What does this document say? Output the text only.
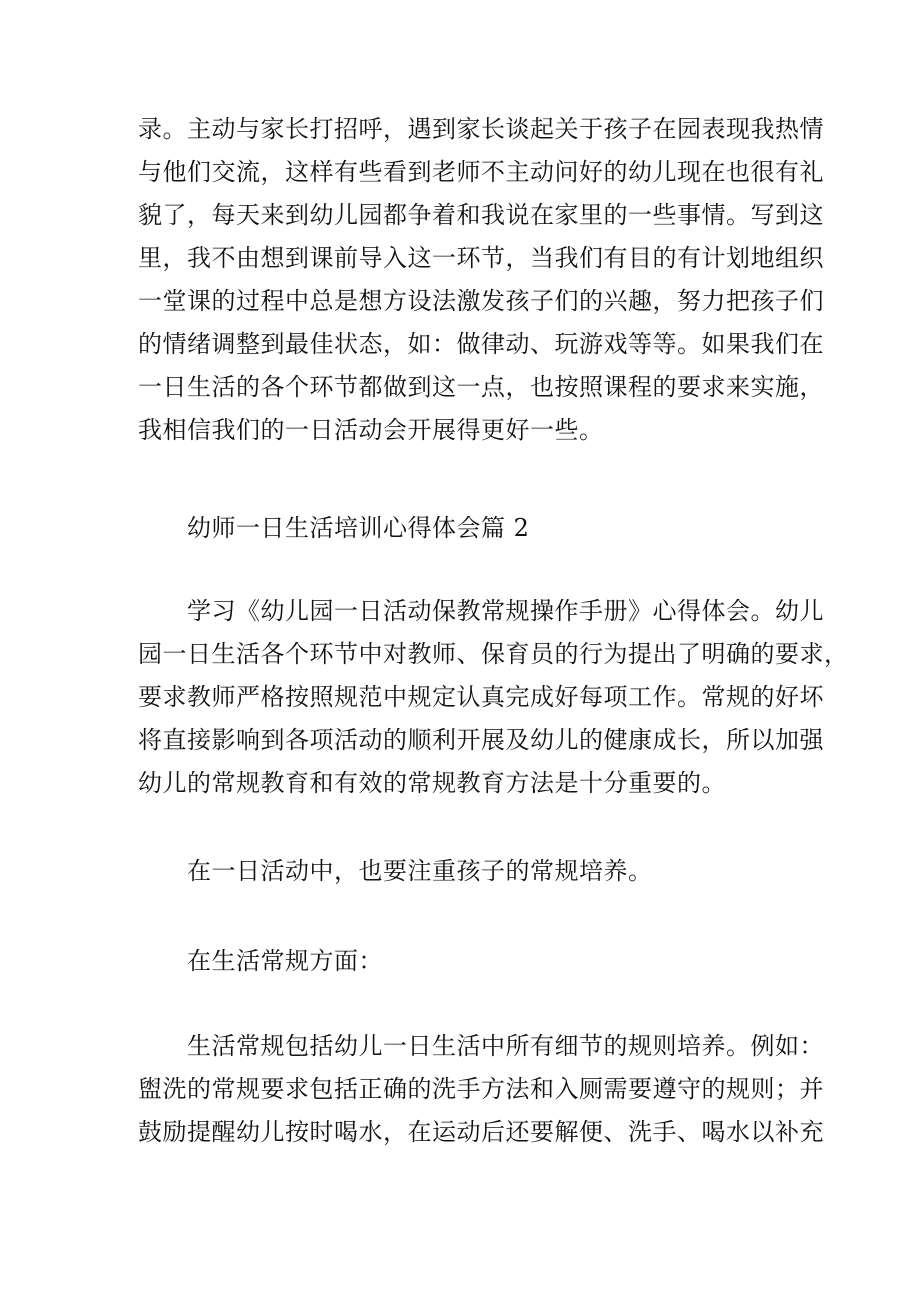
录。主动与家长打招呼，遇到家长谈起关于孩子在园表现我热情
与他们交流，这样有些看到老师不主动问好的幼儿现在也很有礼
貌了，每天来到幼儿园都争着和我说在家里的一些事情。写到这
里，我不由想到课前导入这一环节，当我们有目的有计划地组织
一堂课的过程中总是想方设法激发孩子们的兴趣，努力把孩子们
的情绪调整到最佳状态，如：做律动、玩游戏等等。如果我们在
一日生活的各个环节都做到这一点，也按照课程的要求来实施，
我相信我们的一日活动会开展得更好一些。

幼师一日生活培训心得体会篇 2

学习《幼儿园一日活动保教常规操作手册》心得体会。幼儿
园一日生活各个环节中对教师、保育员的行为提出了明确的要求，
要求教师严格按照规范中规定认真完成好每项工作。常规的好坏
将直接影响到各项活动的顺利开展及幼儿的健康成长，所以加强
幼儿的常规教育和有效的常规教育方法是十分重要的。

在一日活动中，也要注重孩子的常规培养。

在生活常规方面：

生活常规包括幼儿一日生活中所有细节的规则培养。例如：
盥洗的常规要求包括正确的洗手方法和入厕需要遵守的规则；并
鼓励提醒幼儿按时喝水，在运动后还要解便、洗手、喝水以补充
